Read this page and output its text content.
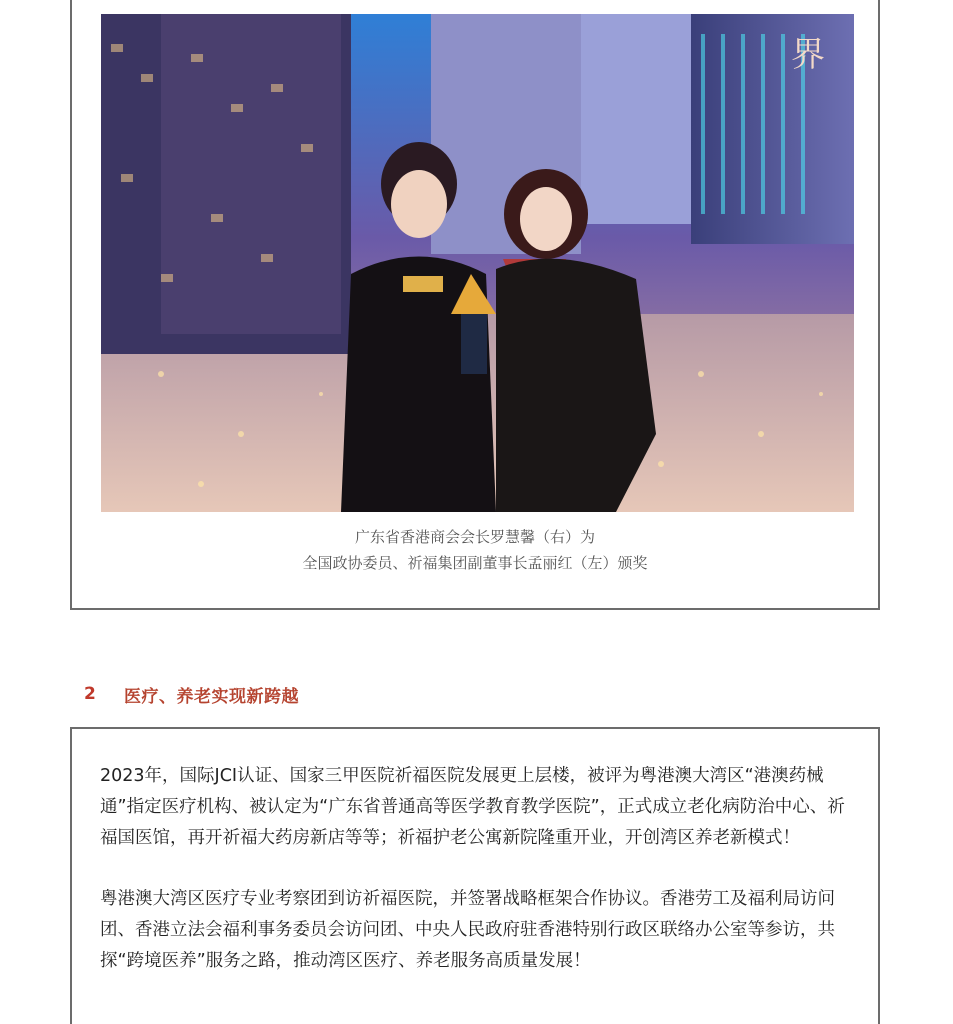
界
广东省香港商会会长罗慧馨（右）为
全国政协委员、祈福集团副董事长孟丽红（左）颁奖
2	医疗、养老实现新跨越

2023年，国际JCI认证、国家三甲医院祈福医院发展更上层楼，被评为粤港澳大湾区“港澳药械通”指定医疗机构、被认定为“广东省普通高等医学教育教学医院”，正式成立老化病防治中心、祈福国医馆，再开祈福大药房新店等等；祈福护老公寓新院隆重开业，开创湾区养老新模式！

粤港澳大湾区医疗专业考察团到访祈福医院，并签署战略框架合作协议。香港劳工及福利局访问团、香港立法会福利事务委员会访问团、中央人民政府驻香港特别行政区联络办公室等参访，共探“跨境医养”服务之路，推动湾区医疗、养老服务高质量发展！
